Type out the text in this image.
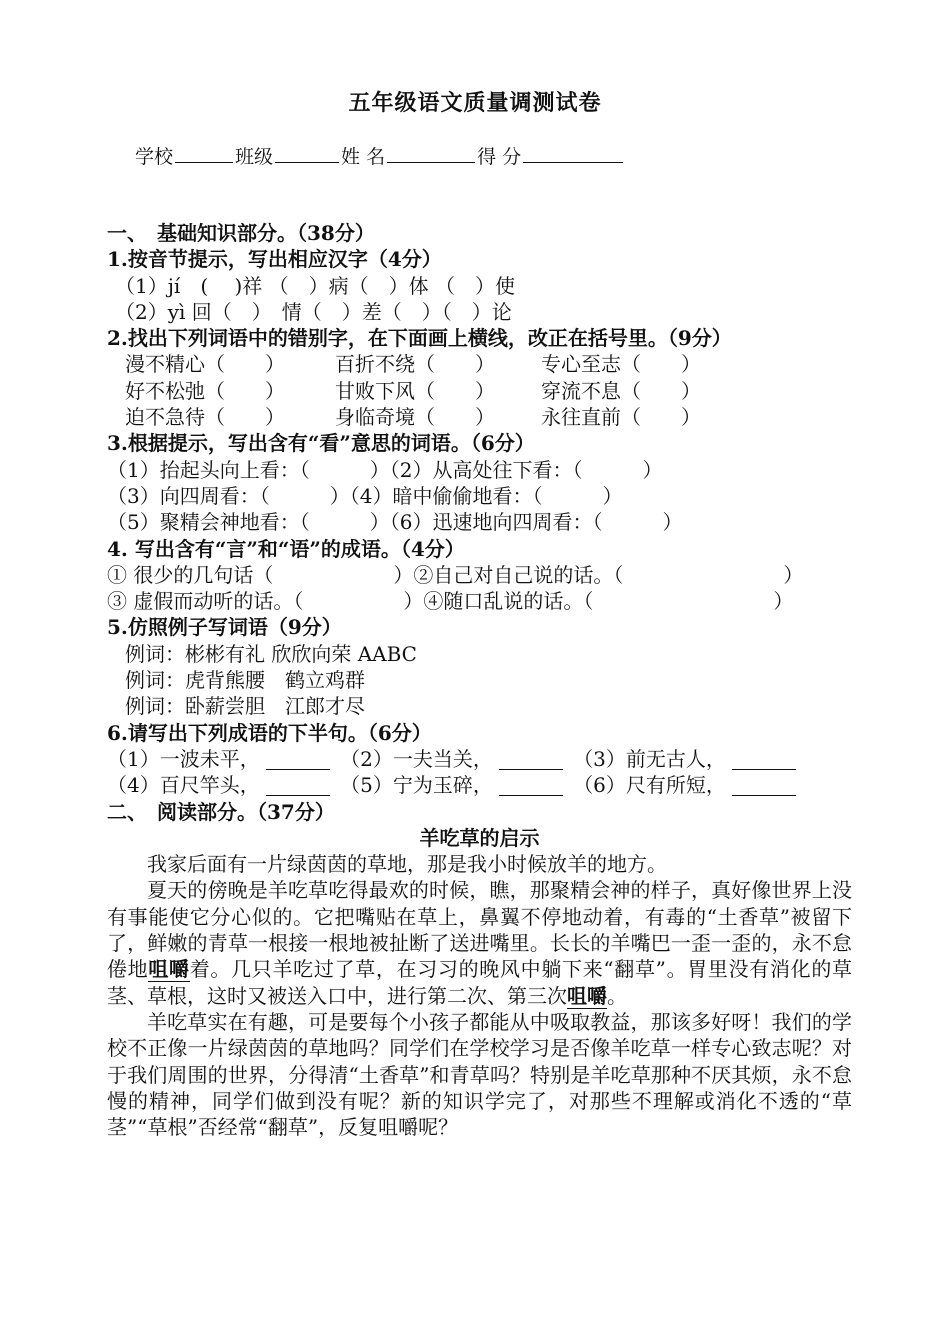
五年级语文质量调测试卷
学校	班级	姓 名	得 分
一、　基础知识部分。（38分）
1.按音节提示，写出相应汉字（4分）
（1）jí　(　 )祥 （　）病（　）体 （　）使
（2）yì 回（　）　情（　）差（　）（　）论
2.找出下列词语中的错别字，在下面画上横线，改正在括号里。（9分）
漫不精心（　　）	百折不绕（　　） 专心至志（　　）
好不松弛（　　）	甘败下风（　　） 穿流不息（　　）
迫不急待（　　）	身临奇境（　　） 永往直前（　　）
3.根据提示，写出含有“看”意思的词语。（6分）
（1）抬起头向上看：（　　　）（2）从高处往下看：（　　　）
（3）向四周看：（　　　）（4）暗中偷偷地看：（　　　）
（5）聚精会神地看：（　　　）（6）迅速地向四周看：（　　　）
4. 写出含有“言”和“语”的成语。（4分）
① 很少的几句话（　　　　　　）②自己对自己说的话。（　　　　　　　　）
③ 虚假而动听的话。（　　　　　）④随口乱说的话。（　　　　　　　　　）
5.仿照例子写词语（9分）
例词：彬彬有礼 欣欣向荣 AABC
例词：虎背熊腰　鹤立鸡群
例词：卧薪尝胆　江郎才尽
6.请写出下列成语的下半句。（6分）
（1）一波未平，	（2）一夫当关，	（3）前无古人，
（4）百尺竿头，	（5）宁为玉碎，	（6）尺有所短，
二、　阅读部分。（37分）
羊吃草的启示
我家后面有一片绿茵茵的草地，那是我小时候放羊的地方。
夏天的傍晚是羊吃草吃得最欢的时候，瞧，那聚精会神的样子，真好像世界上没有事能使它分心似的。它把嘴贴在草上，鼻翼不停地动着，有毒的“土香草”被留下了，鲜嫩的青草一根接一根地被扯断了送进嘴里。长长的羊嘴巴一歪一歪的，永不怠倦地咀嚼着。几只羊吃过了草，在习习的晚风中躺下来“翻草”。胃里没有消化的草茎、草根，这时又被送入口中，进行第二次、第三次咀嚼。
羊吃草实在有趣，可是要每个小孩子都能从中吸取教益，那该多好呀！我们的学校不正像一片绿茵茵的草地吗？同学们在学校学习是否像羊吃草一样专心致志呢？对于我们周围的世界，分得清“土香草”和青草吗？特别是羊吃草那种不厌其烦，永不怠慢的精神，同学们做到没有呢？新的知识学完了，对那些不理解或消化不透的“草茎”“草根”否经常“翻草”，反复咀嚼呢？
